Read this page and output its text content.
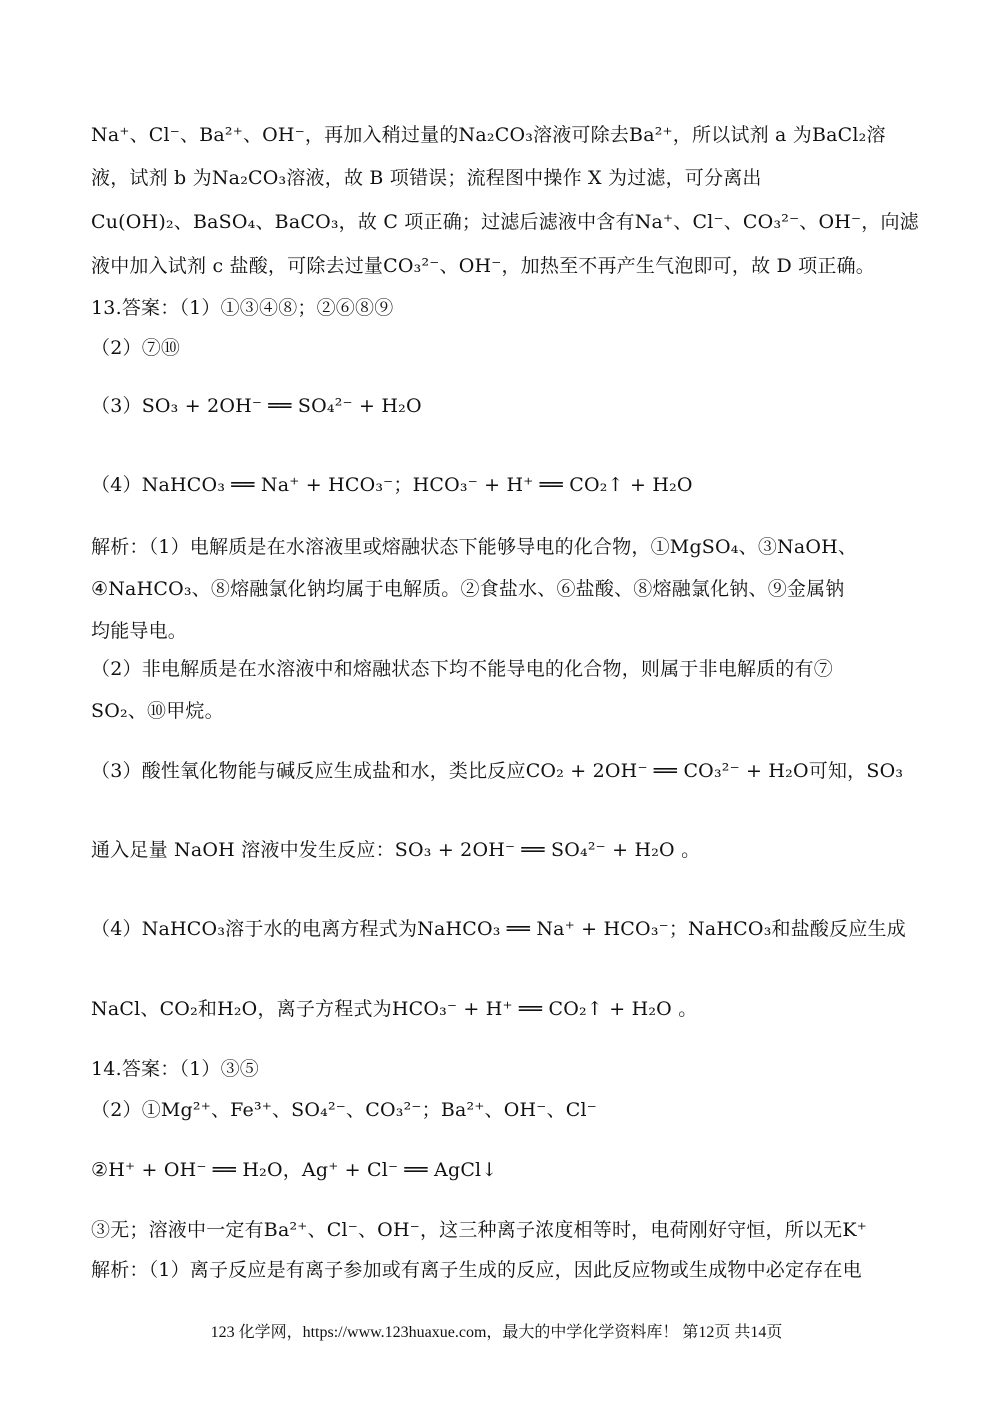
Na⁺、Cl⁻、Ba²⁺、OH⁻，再加入稍过量的Na₂CO₃溶液可除去Ba²⁺，所以试剂 a 为BaCl₂溶
液，试剂 b 为Na₂CO₃溶液，故 B 项错误；流程图中操作 X 为过滤，可分离出
Cu(OH)₂、BaSO₄、BaCO₃，故 C 项正确；过滤后滤液中含有Na⁺、Cl⁻、CO₃²⁻、OH⁻，向滤
液中加入试剂 c 盐酸，可除去过量CO₃²⁻、OH⁻，加热至不再产生气泡即可，故 D 项正确。
13.答案：（1）①③④⑧；②⑥⑧⑨
（2）⑦⑩
（3）SO₃ + 2OH⁻ ══ SO₄²⁻ + H₂O
（4）NaHCO₃ ══ Na⁺ + HCO₃⁻；HCO₃⁻ + H⁺ ══ CO₂↑ + H₂O
解析：（1）电解质是在水溶液里或熔融状态下能够导电的化合物，①MgSO₄、③NaOH、
④NaHCO₃、⑧熔融氯化钠均属于电解质。②食盐水、⑥盐酸、⑧熔融氯化钠、⑨金属钠
均能导电。
（2）非电解质是在水溶液中和熔融状态下均不能导电的化合物，则属于非电解质的有⑦
SO₂、⑩甲烷。
（3）酸性氧化物能与碱反应生成盐和水，类比反应CO₂ + 2OH⁻ ══ CO₃²⁻ + H₂O可知，SO₃
通入足量 NaOH 溶液中发生反应：SO₃ + 2OH⁻ ══ SO₄²⁻ + H₂O 。
（4）NaHCO₃溶于水的电离方程式为NaHCO₃ ══ Na⁺ + HCO₃⁻；NaHCO₃和盐酸反应生成
NaCl、CO₂和H₂O，离子方程式为HCO₃⁻ + H⁺ ══ CO₂↑ + H₂O 。
14.答案：（1）③⑤
（2）①Mg²⁺、Fe³⁺、SO₄²⁻、CO₃²⁻；Ba²⁺、OH⁻、Cl⁻
②H⁺ + OH⁻ ══ H₂O，Ag⁺ + Cl⁻ ══ AgCl↓
③无；溶液中一定有Ba²⁺、Cl⁻、OH⁻，这三种离子浓度相等时，电荷刚好守恒，所以无K⁺
解析：（1）离子反应是有离子参加或有离子生成的反应，因此反应物或生成物中必定存在电
123 化学网，https://www.123huaxue.com，最大的中学化学资料库！ 第12页 共14页
